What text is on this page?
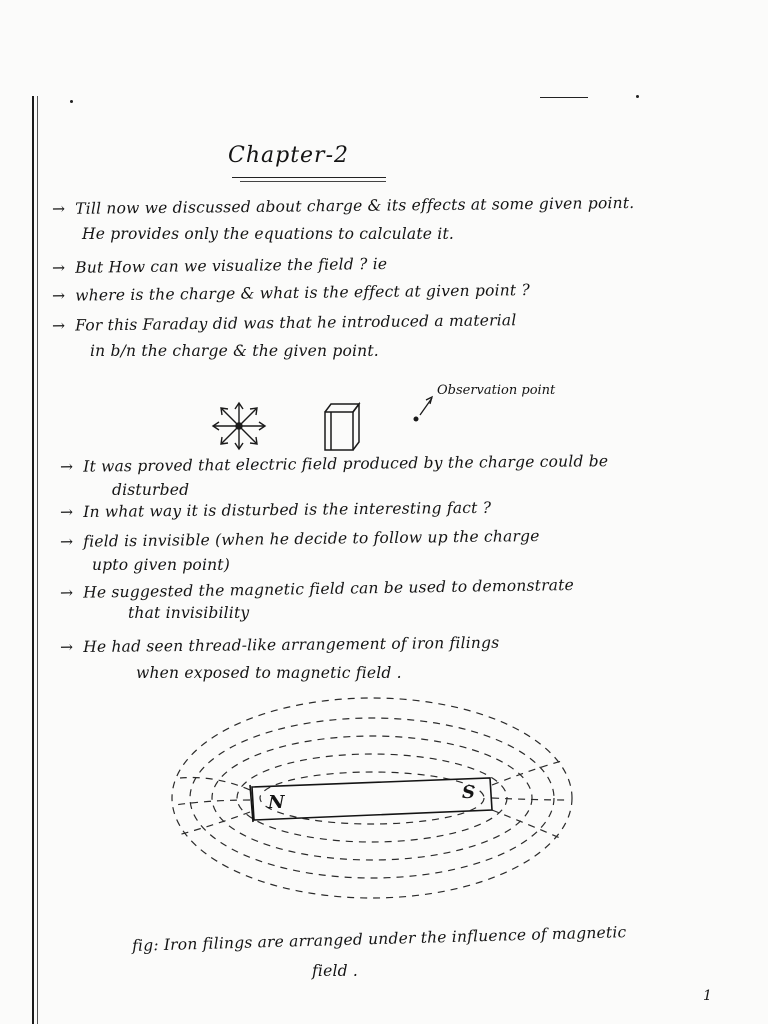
Chapter-2
→ Till now we discussed about charge & its effects at some given point.
He provides only the equations to calculate it.
→ But How can we visualize the field ? ie
→ where is the charge & what is the effect at given point ?
→ For this Faraday did was that he introduced a material
in b/n the charge & the given point.
Observation point
→ It was proved that electric field produced by the charge could be
disturbed
→ In what way it is disturbed is the interesting fact ?
→ field is invisible (when he decide to follow up the charge
upto given point)
→ He suggested the magnetic field can be used to demonstrate
that invisibility
→ He had seen thread-like arrangement of iron filings
when exposed to magnetic field .
N	S
fig: Iron filings are arranged under the influence of magnetic
field .
1
